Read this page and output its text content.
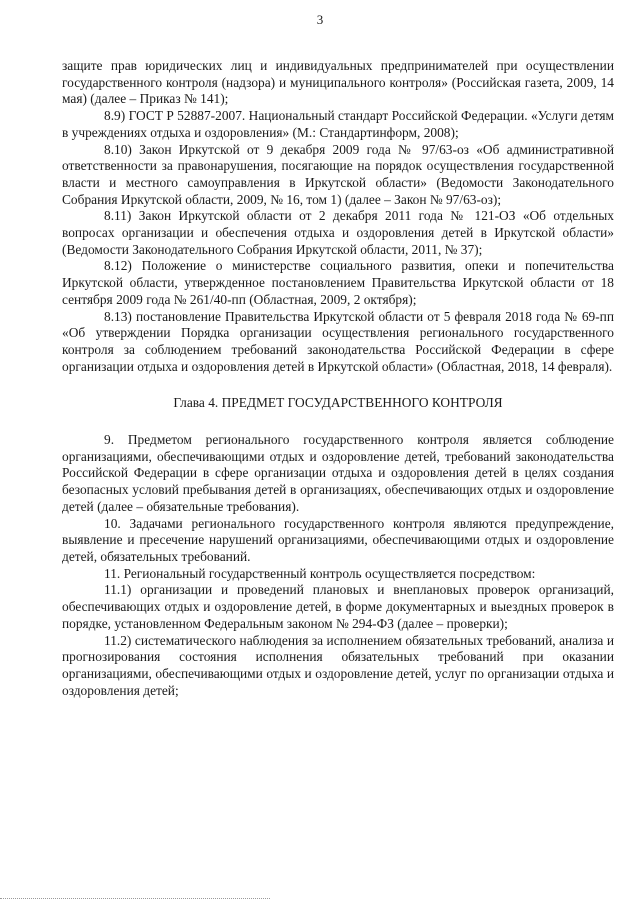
3

защите прав юридических лиц и индивидуальных предпринимателей при осуществлении государственного контроля (надзора) и муниципального контроля» (Российская газета, 2009, 14 мая) (далее – Приказ № 141);

8.9) ГОСТ Р 52887-2007. Национальный стандарт Российской Федерации. «Услуги детям в учреждениях отдыха и оздоровления» (М.: Стандартинформ, 2008);

8.10) Закон Иркутской от 9 декабря 2009 года № 97/63-оз «Об административной ответственности за правонарушения, посягающие на порядок осуществления государственной власти и местного самоуправления в Иркутской области» (Ведомости Законодательного Собрания Иркутской области, 2009, № 16, том 1) (далее – Закон № 97/63-оз);

8.11) Закон Иркутской области от 2 декабря 2011 года № 121-ОЗ «Об отдельных вопросах организации и обеспечения отдыха и оздоровления детей в Иркутской области» (Ведомости Законодательного Собрания Иркутской области, 2011, № 37);

8.12) Положение о министерстве социального развития, опеки и попечительства Иркутской области, утвержденное постановлением Правительства Иркутской области от 18 сентября 2009 года № 261/40-пп (Областная, 2009, 2 октября);

8.13) постановление Правительства Иркутской области от 5 февраля 2018 года № 69-пп «Об утверждении Порядка организации осуществления регионального государственного контроля за соблюдением требований законодательства Российской Федерации в сфере организации отдыха и оздоровления детей в Иркутской области» (Областная, 2018, 14 февраля).

Глава 4. ПРЕДМЕТ ГОСУДАРСТВЕННОГО КОНТРОЛЯ

9. Предметом регионального государственного контроля является соблюдение организациями, обеспечивающими отдых и оздоровление детей, требований законодательства Российской Федерации в сфере организации отдыха и оздоровления детей в целях создания безопасных условий пребывания детей в организациях, обеспечивающих отдых и оздоровление детей (далее – обязательные требования).

10. Задачами регионального государственного контроля являются предупреждение, выявление и пресечение нарушений организациями, обеспечивающими отдых и оздоровление детей, обязательных требований.

11. Региональный государственный контроль осуществляется посредством:

11.1) организации и проведений плановых и внеплановых проверок организаций, обеспечивающих отдых и оздоровление детей, в форме документарных и выездных проверок в порядке, установленном Федеральным законом № 294-ФЗ (далее – проверки);

11.2) систематического наблюдения за исполнением обязательных требований, анализа и прогнозирования состояния исполнения обязательных требований при оказании организациями, обеспечивающими отдых и оздоровление детей, услуг по организации отдыха и оздоровления детей;
